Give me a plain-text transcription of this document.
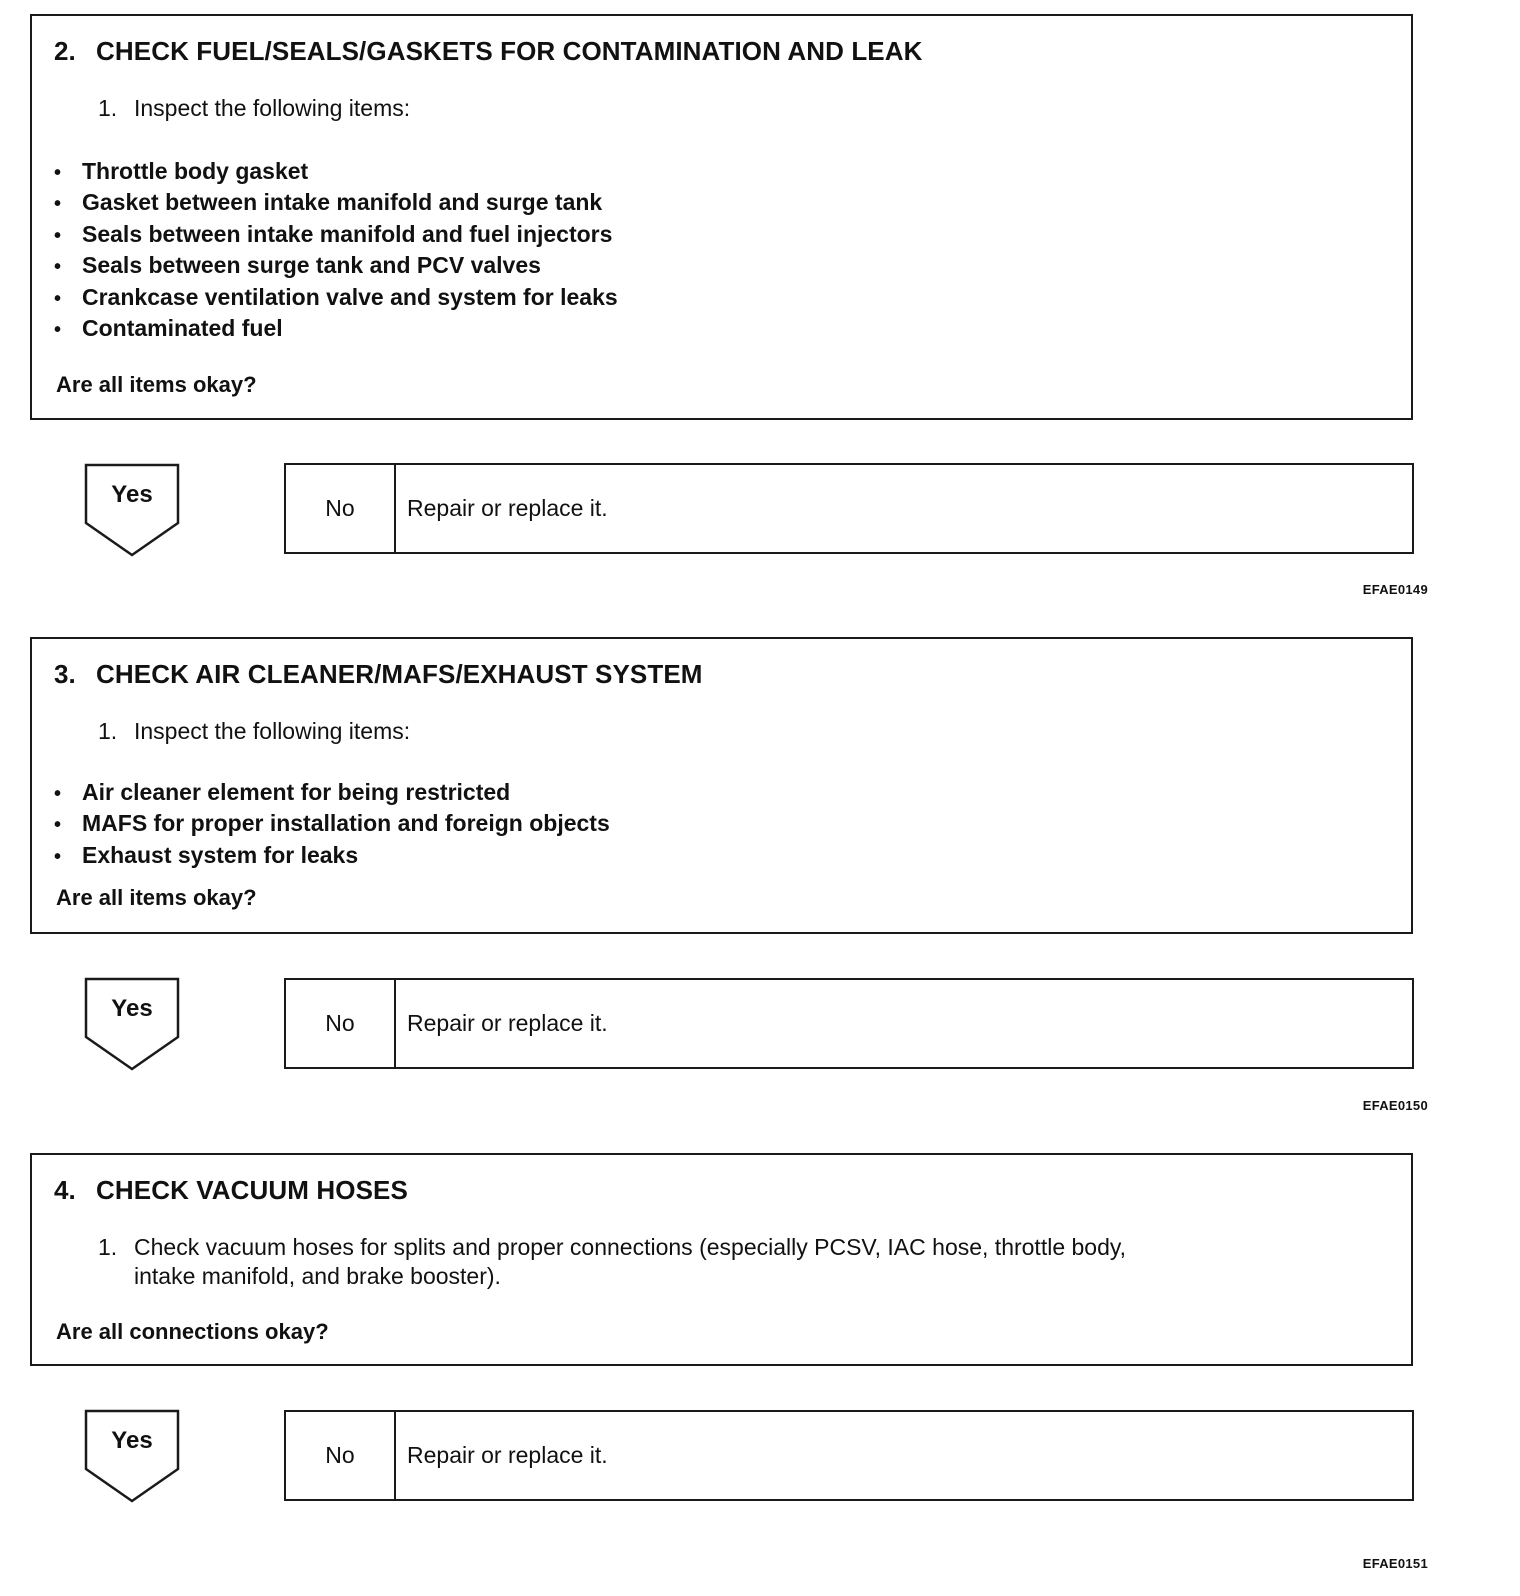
2. CHECK FUEL/SEALS/GASKETS FOR CONTAMINATION AND LEAK
1. Inspect the following items:
• Throttle body gasket
• Gasket between intake manifold and surge tank
• Seals between intake manifold and fuel injectors
• Seals between surge tank and PCV valves
• Crankcase ventilation valve and system for leaks
• Contaminated fuel
Are all items okay?
Yes	No	Repair or replace it.
EFAE0149
3. CHECK AIR CLEANER/MAFS/EXHAUST SYSTEM
1. Inspect the following items:
• Air cleaner element for being restricted
• MAFS for proper installation and foreign objects
• Exhaust system for leaks
Are all items okay?
Yes
No	Repair or replace it.
EFAE0150
4. CHECK VACUUM HOSES
1. Check vacuum hoses for splits and proper connections (especially PCSV, IAC hose, throttle body,
intake manifold, and brake booster).
Are all connections okay?
Yes
No	Repair or replace it.
EFAE0151
